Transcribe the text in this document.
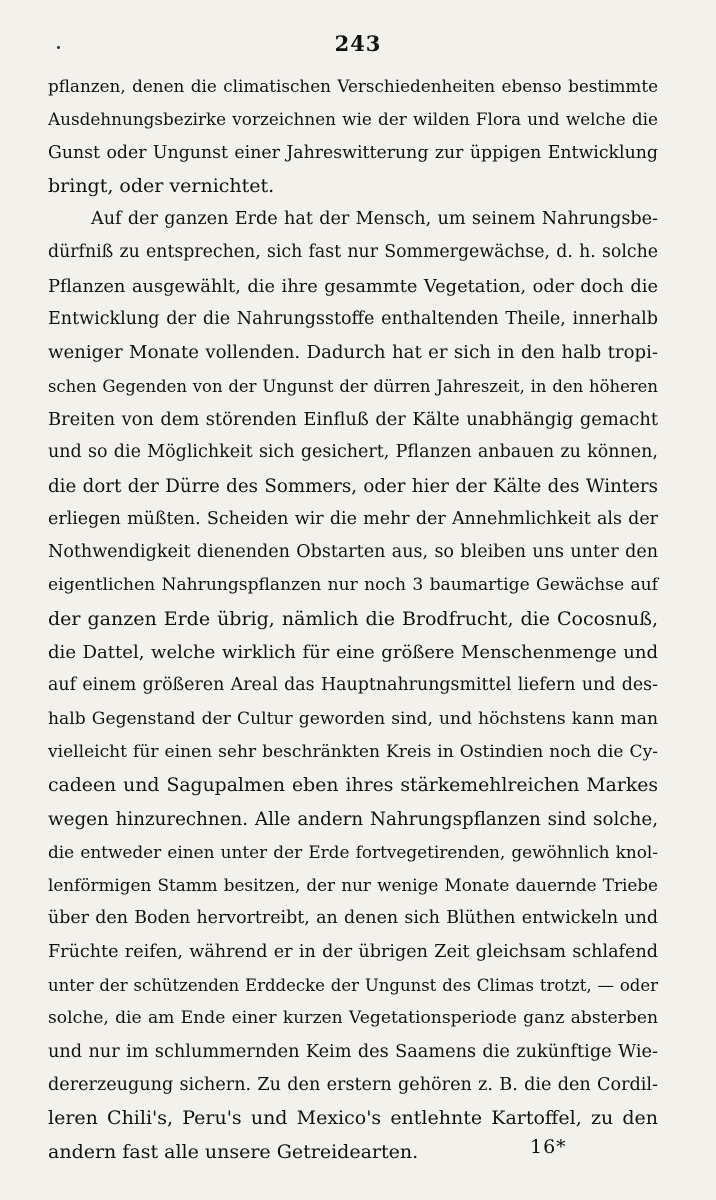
243
pflanzen, denen die climatischen Verschiedenheiten ebenso bestimmte
Ausdehnungsbezirke vorzeichnen wie der wilden Flora und welche die
Gunst oder Ungunst einer Jahreswitterung zur üppigen Entwicklung
bringt, oder vernichtet.
Auf der ganzen Erde hat der Mensch, um seinem Nahrungsbe-
dürfniß zu entsprechen, sich fast nur Sommergewächse, d. h. solche
Pflanzen ausgewählt, die ihre gesammte Vegetation, oder doch die
Entwicklung der die Nahrungsstoffe enthaltenden Theile, innerhalb
weniger Monate vollenden. Dadurch hat er sich in den halb tropi-
schen Gegenden von der Ungunst der dürren Jahreszeit, in den höheren
Breiten von dem störenden Einfluß der Kälte unabhängig gemacht
und so die Möglichkeit sich gesichert, Pflanzen anbauen zu können,
die dort der Dürre des Sommers, oder hier der Kälte des Winters
erliegen müßten. Scheiden wir die mehr der Annehmlichkeit als der
Nothwendigkeit dienenden Obstarten aus, so bleiben uns unter den
eigentlichen Nahrungspflanzen nur noch 3 baumartige Gewächse auf
der ganzen Erde übrig, nämlich die Brodfrucht, die Cocosnuß,
die Dattel, welche wirklich für eine größere Menschenmenge und
auf einem größeren Areal das Hauptnahrungsmittel liefern und des-
halb Gegenstand der Cultur geworden sind, und höchstens kann man
vielleicht für einen sehr beschränkten Kreis in Ostindien noch die Cy-
cadeen und Sagupalmen eben ihres stärkemehlreichen Markes
wegen hinzurechnen. Alle andern Nahrungspflanzen sind solche,
die entweder einen unter der Erde fortvegetirenden, gewöhnlich knol-
lenförmigen Stamm besitzen, der nur wenige Monate dauernde Triebe
über den Boden hervortreibt, an denen sich Blüthen entwickeln und
Früchte reifen, während er in der übrigen Zeit gleichsam schlafend
unter der schützenden Erddecke der Ungunst des Climas trotzt, — oder
solche, die am Ende einer kurzen Vegetationsperiode ganz absterben
und nur im schlummernden Keim des Saamens die zukünftige Wie-
dererzeugung sichern. Zu den erstern gehören z. B. die den Cordil-
leren Chili's, Peru's und Mexico's entlehnte Kartoffel, zu den
andern fast alle unsere Getreidearten.	16*
